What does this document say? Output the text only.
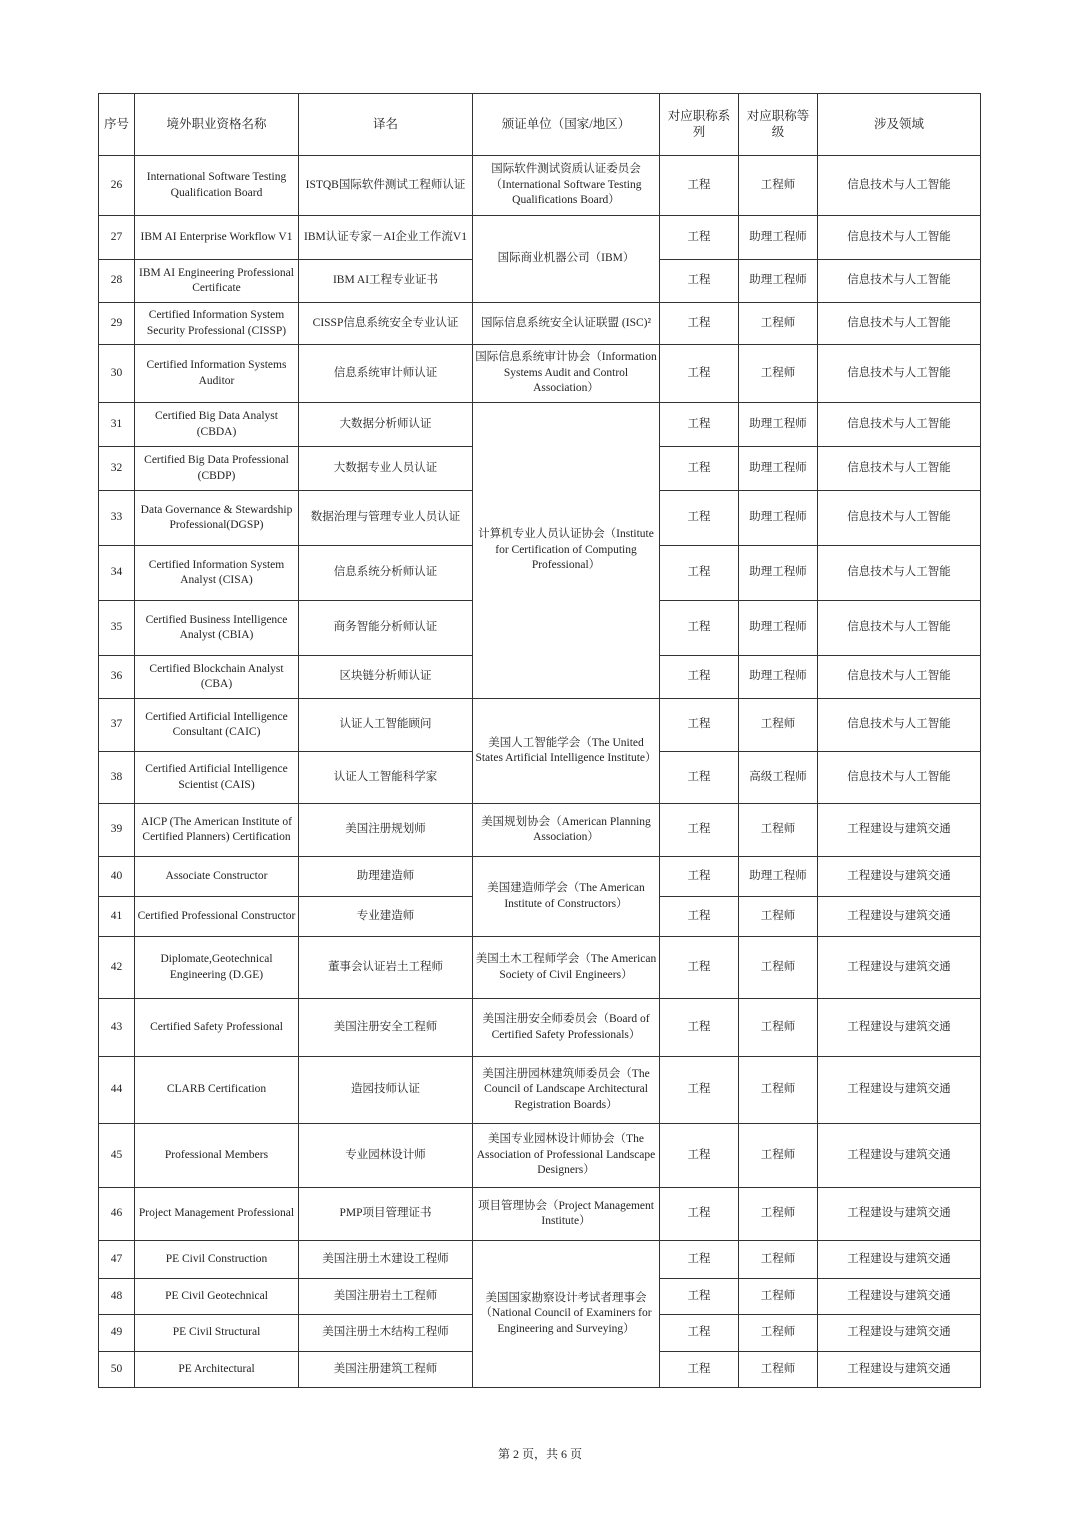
序号	境外职业资格名称	译名	颁证单位（国家/地区）	对应职称系列	对应职称等级	涉及领域
26	International Software Testing Qualification Board	ISTQB国际软件测试工程师认证	国际软件测试资质认证委员会（International Software Testing Qualifications Board）	工程	工程师	信息技术与人工智能
27	IBM AI Enterprise Workflow V1	IBM认证专家－AI企业工作流V1	国际商业机器公司（IBM）	工程	助理工程师	信息技术与人工智能
28	IBM AI Engineering Professional Certificate	IBM AI工程专业证书		工程	助理工程师	信息技术与人工智能
29	Certified Information System Security Professional (CISSP)	CISSP信息系统安全专业认证	国际信息系统安全认证联盟 (ISC)²	工程	工程师	信息技术与人工智能
30	Certified Information Systems Auditor	信息系统审计师认证	国际信息系统审计协会（Information Systems Audit and Control Association）	工程	工程师	信息技术与人工智能
31	Certified Big Data Analyst (CBDA)	大数据分析师认证	计算机专业人员认证协会（Institute for Certification of Computing Professional）	工程	助理工程师	信息技术与人工智能
32	Certified Big Data Professional (CBDP)	大数据专业人员认证		工程	助理工程师	信息技术与人工智能
33	Data Governance & Stewardship Professional(DGSP)	数据治理与管理专业人员认证		工程	助理工程师	信息技术与人工智能
34	Certified Information System Analyst (CISA)	信息系统分析师认证		工程	助理工程师	信息技术与人工智能
35	Certified Business Intelligence Analyst (CBIA)	商务智能分析师认证		工程	助理工程师	信息技术与人工智能
36	Certified Blockchain Analyst (CBA)	区块链分析师认证		工程	助理工程师	信息技术与人工智能
37	Certified Artificial Intelligence Consultant (CAIC)	认证人工智能顾问	美国人工智能学会（The United States Artificial Intelligence Institute）	工程	工程师	信息技术与人工智能
38	Certified Artificial Intelligence Scientist (CAIS)	认证人工智能科学家		工程	高级工程师	信息技术与人工智能
39	AICP (The American Institute of Certified Planners) Certification	美国注册规划师	美国规划协会（American Planning Association）	工程	工程师	工程建设与建筑交通
40	Associate Constructor	助理建造师	美国建造师学会（The American Institute of Constructors）	工程	助理工程师	工程建设与建筑交通
41	Certified Professional Constructor	专业建造师		工程	工程师	工程建设与建筑交通
42	Diplomate,Geotechnical Engineering (D.GE)	董事会认证岩土工程师	美国土木工程师学会（The American Society of Civil Engineers）	工程	工程师	工程建设与建筑交通
43	Certified Safety Professional	美国注册安全工程师	美国注册安全师委员会（Board of Certified Safety Professionals）	工程	工程师	工程建设与建筑交通
44	CLARB Certification	造园技师认证	美国注册园林建筑师委员会（The Council of Landscape Architectural Registration Boards）	工程	工程师	工程建设与建筑交通
45	Professional Members	专业园林设计师	美国专业园林设计师协会（The Association of Professional Landscape Designers）	工程	工程师	工程建设与建筑交通
46	Project Management Professional	PMP项目管理证书	项目管理协会（Project Management Institute）	工程	工程师	工程建设与建筑交通
47	PE Civil Construction	美国注册土木建设工程师	美国国家勘察设计考试者理事会（National Council of Examiners for Engineering and Surveying）	工程	工程师	工程建设与建筑交通
48	PE Civil Geotechnical	美国注册岩土工程师		工程	工程师	工程建设与建筑交通
49	PE Civil Structural	美国注册土木结构工程师		工程	工程师	工程建设与建筑交通
50	PE Architectural	美国注册建筑工程师		工程	工程师	工程建设与建筑交通
第 2 页，共 6 页
